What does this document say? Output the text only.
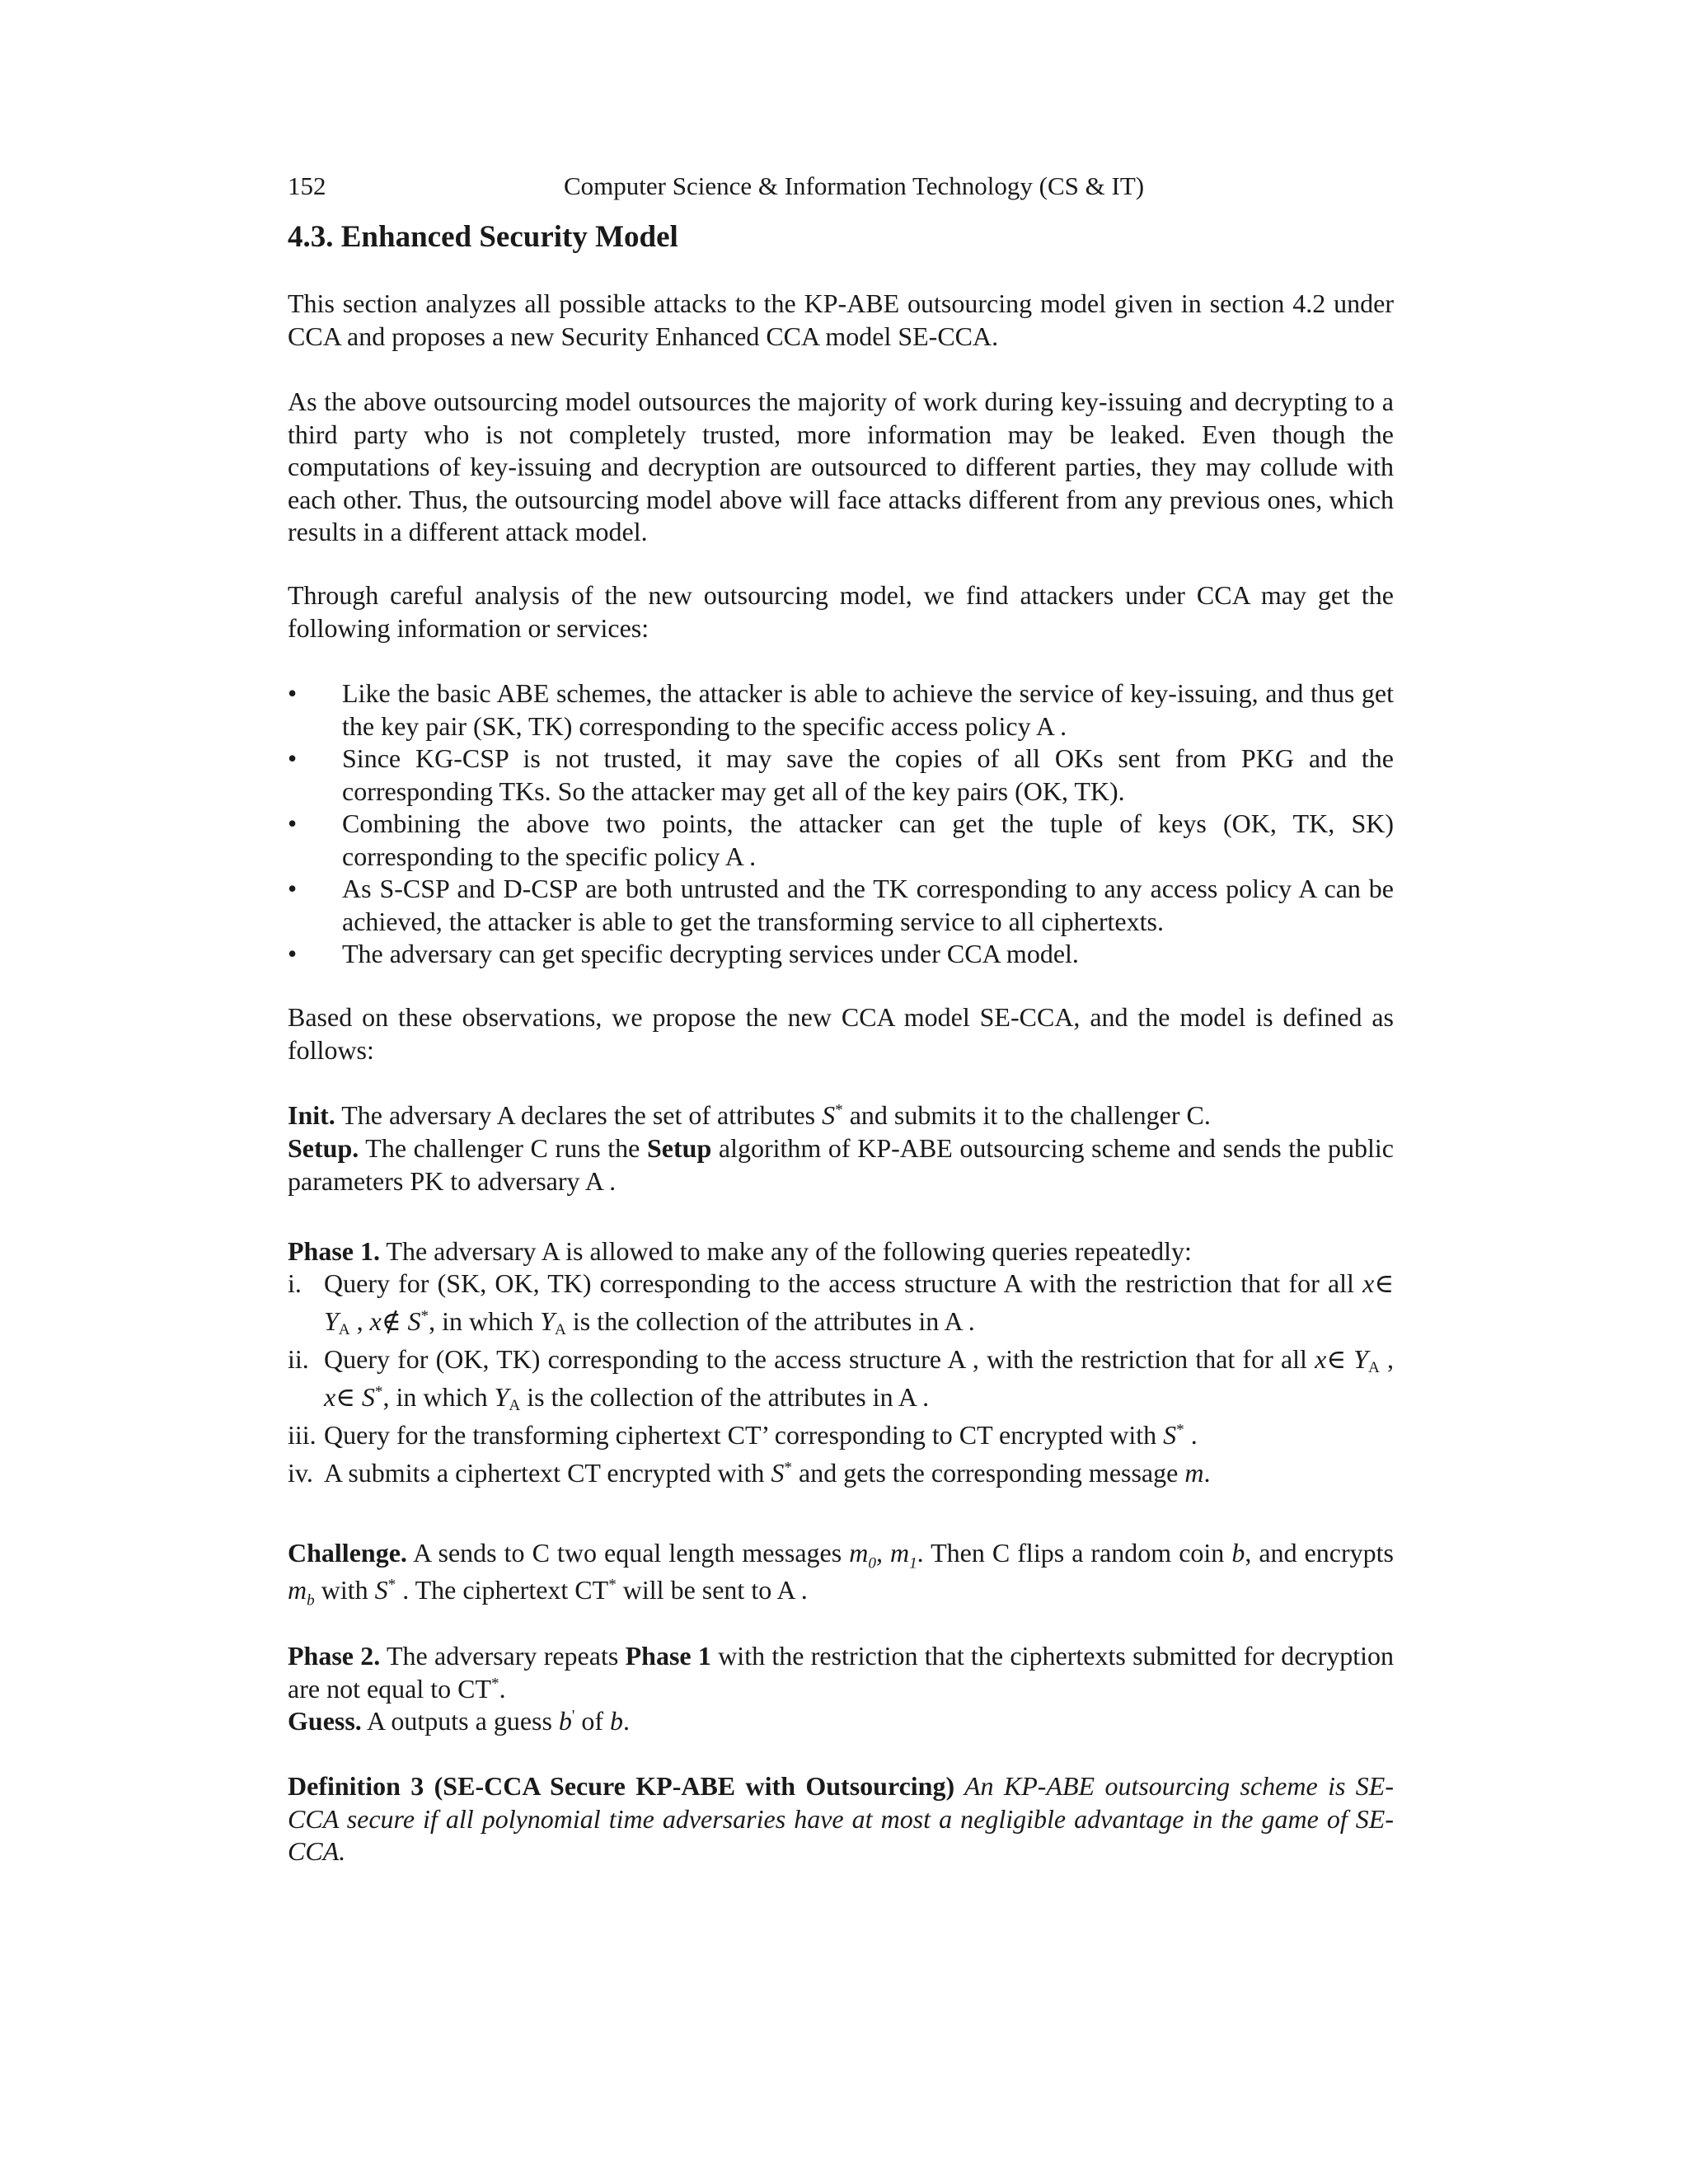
152	Computer Science & Information Technology (CS & IT)
4.3. Enhanced Security Model
This section analyzes all possible attacks to the KP-ABE outsourcing model given in section 4.2 under CCA and proposes a new Security Enhanced CCA model SE-CCA.
As the above outsourcing model outsources the majority of work during key-issuing and decrypting to a third party who is not completely trusted, more information may be leaked. Even though the computations of key-issuing and decryption are outsourced to different parties, they may collude with each other. Thus, the outsourcing model above will face attacks different from any previous ones, which results in a different attack model.
Through careful analysis of the new outsourcing model, we find attackers under CCA may get the following information or services:
• Like the basic ABE schemes, the attacker is able to achieve the service of key-issuing, and thus get the key pair (SK, TK) corresponding to the specific access policy A .
• Since KG-CSP is not trusted, it may save the copies of all OKs sent from PKG and the corresponding TKs. So the attacker may get all of the key pairs (OK, TK).
• Combining the above two points, the attacker can get the tuple of keys (OK, TK, SK) corresponding to the specific policy A .
• As S-CSP and D-CSP are both untrusted and the TK corresponding to any access policy A can be achieved, the attacker is able to get the transforming service to all ciphertexts.
• The adversary can get specific decrypting services under CCA model.
Based on these observations, we propose the new CCA model SE-CCA, and the model is defined as follows:
Init. The adversary A declares the set of attributes S* and submits it to the challenger C.
Setup. The challenger C runs the Setup algorithm of KP-ABE outsourcing scheme and sends the public parameters PK to adversary A .
Phase 1. The adversary A is allowed to make any of the following queries repeatedly:
i. Query for (SK, OK, TK) corresponding to the access structure A with the restriction that for all x∈ $Y_A$ , x∉ S*, in which $Y_A$ is the collection of the attributes in A .
ii. Query for (OK, TK) corresponding to the access structure A , with the restriction that for all x∈ $Y_A$ , x∈ S*, in which $Y_A$ is the collection of the attributes in A .
iii. Query for the transforming ciphertext CT’ corresponding to CT encrypted with S* .
iv. A submits a ciphertext CT encrypted with S* and gets the corresponding message m.
Challenge. A sends to C two equal length messages $m_0$, $m_1$. Then C flips a random coin b, and encrypts $m_b$ with S* . The ciphertext CT* will be sent to A .
Phase 2. The adversary repeats Phase 1 with the restriction that the ciphertexts submitted for decryption are not equal to CT*.
Guess. A outputs a guess b' of b.
Definition 3 (SE-CCA Secure KP-ABE with Outsourcing) An KP-ABE outsourcing scheme is SE-CCA secure if all polynomial time adversaries have at most a negligible advantage in the game of SE-CCA.
